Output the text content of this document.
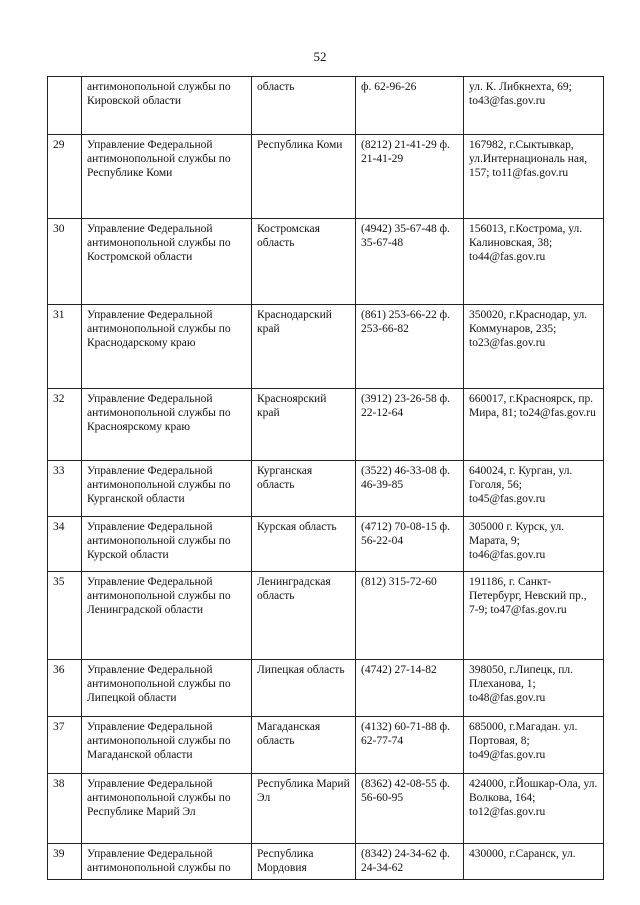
52
	антимонопольной службы по Кировской области	область	ф. 62-96-26	ул. К. Либкнехта, 69; to43@fas.gov.ru
29	Управление Федеральной антимонопольной службы по Республике Коми	Республика Коми	(8212) 21-41-29 ф. 21-41-29	167982, г.Сыктывкар, ул.Интернациональ ная, 157; to11@fas.gov.ru
30	Управление Федеральной антимонопольной службы по Костромской области	Костромская область	(4942) 35-67-48 ф. 35-67-48	156013, г.Кострома, ул. Калиновская, 38; to44@fas.gov.ru
31	Управление Федеральной антимонопольной службы по Краснодарскому краю	Краснодарский край	(861) 253-66-22 ф. 253-66-82	350020, г.Краснодар, ул. Коммунаров, 235; to23@fas.gov.ru
32	Управление Федеральной антимонопольной службы по Красноярскому краю	Красноярский край	(3912) 23-26-58 ф. 22-12-64	660017, г.Красноярск, пр. Мира, 81; to24@fas.gov.ru
33	Управление Федеральной антимонопольной службы по Курганской области	Курганская область	(3522) 46-33-08 ф. 46-39-85	640024, г. Курган, ул. Гоголя, 56; to45@fas.gov.ru
34	Управление Федеральной антимонопольной службы по Курской области	Курская область	(4712) 70-08-15 ф. 56-22-04	305000 г. Курск, ул. Марата, 9; to46@fas.gov.ru
35	Управление Федеральной антимонопольной службы по Ленинградской области	Ленинградская область	(812) 315-72-60	191186, г. Санкт-Петербург, Невский пр., 7-9; to47@fas.gov.ru
36	Управление Федеральной антимонопольной службы по Липецкой области	Липецкая область	(4742) 27-14-82	398050, г.Липецк, пл. Плеханова, 1; to48@fas.gov.ru
37	Управление Федеральной антимонопольной службы по Магаданской области	Магаданская область	(4132) 60-71-88 ф. 62-77-74	685000, г.Магадан. ул. Портовая, 8; to49@fas.gov.ru
38	Управление Федеральной антимонопольной службы по Республике Марий Эл	Республика Марий Эл	(8362) 42-08-55 ф. 56-60-95	424000, г.Йошкар-Ола, ул. Волкова, 164; to12@fas.gov.ru
39	Управление Федеральной антимонопольной службы по	Республика Мордовия	(8342) 24-34-62 ф. 24-34-62	430000, г.Саранск, ул.
